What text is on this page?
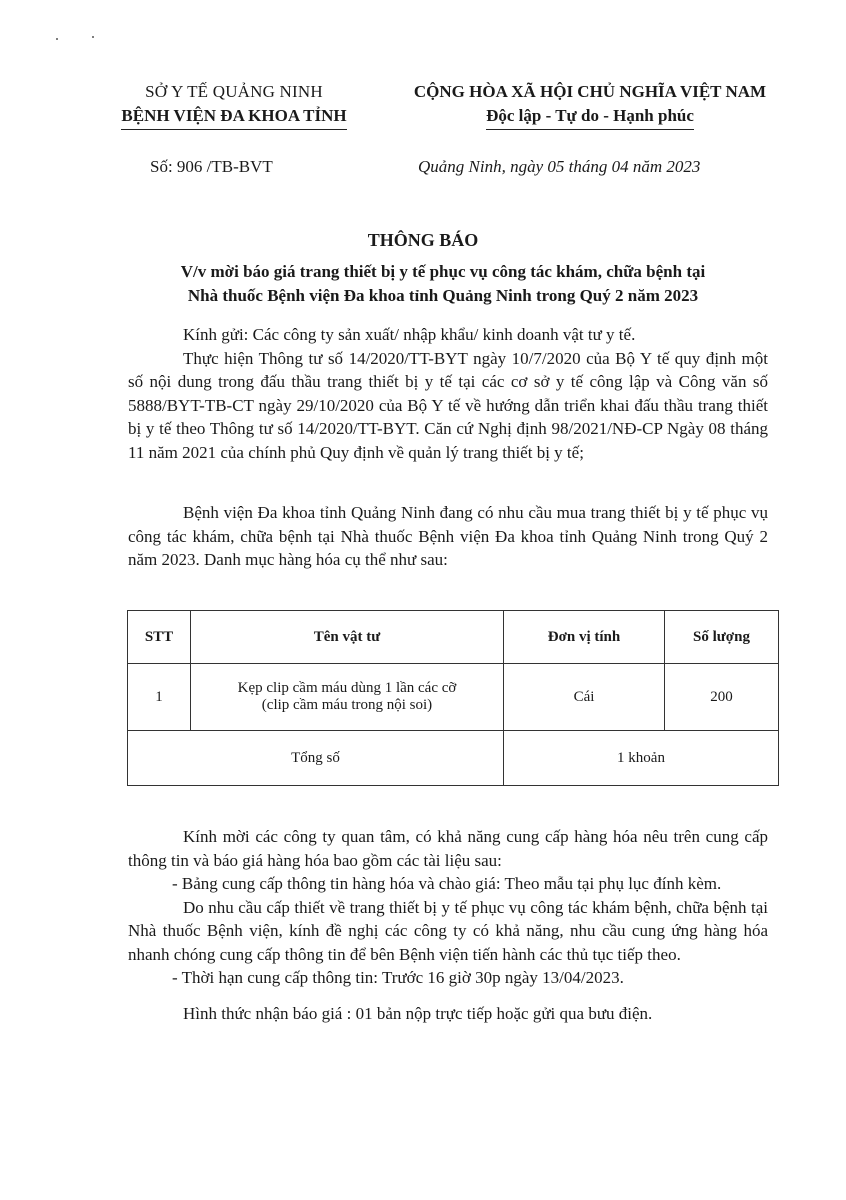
SỞ Y TẾ QUẢNG NINH
BỆNH VIỆN ĐA KHOA TỈNH
CỘNG HÒA XÃ HỘI CHỦ NGHĨA VIỆT NAM
Độc lập - Tự do - Hạnh phúc
Số: 906 /TB-BVT	Quảng Ninh, ngày 05 tháng 04 năm 2023
THÔNG BÁO
V/v mời báo giá trang thiết bị y tế phục vụ công tác khám, chữa bệnh tại
Nhà thuốc Bệnh viện Đa khoa tỉnh Quảng Ninh trong Quý 2 năm 2023

Kính gửi: Các công ty sản xuất/ nhập khẩu/ kinh doanh vật tư y tế.

Thực hiện Thông tư số 14/2020/TT-BYT ngày 10/7/2020 của Bộ Y tế quy định một số nội dung trong đấu thầu trang thiết bị y tế tại các cơ sở y tế công lập và Công văn số 5888/BYT-TB-CT ngày 29/10/2020 của Bộ Y tế về hướng dẫn triển khai đấu thầu trang thiết bị y tế theo Thông tư số 14/2020/TT-BYT. Căn cứ Nghị định 98/2021/NĐ-CP Ngày 08 tháng 11 năm 2021 của chính phủ Quy định về quản lý trang thiết bị y tế;

Bệnh viện Đa khoa tỉnh Quảng Ninh đang có nhu cầu mua trang thiết bị y tế phục vụ công tác khám, chữa bệnh tại Nhà thuốc Bệnh viện Đa khoa tỉnh Quảng Ninh trong Quý 2 năm 2023. Danh mục hàng hóa cụ thể như sau:

STT	Tên vật tư	Đơn vị tính	Số lượng
1	Kẹp clip cầm máu dùng 1 lần các cỡ
(clip cầm máu trong nội soi)	Cái	200
Tổng số		1 khoản	

Kính mời các công ty quan tâm, có khả năng cung cấp hàng hóa nêu trên cung cấp thông tin và báo giá hàng hóa bao gồm các tài liệu sau:

- Bảng cung cấp thông tin hàng hóa và chào giá: Theo mẫu tại phụ lục đính kèm.

Do nhu cầu cấp thiết về trang thiết bị y tế phục vụ công tác khám bệnh, chữa bệnh tại Nhà thuốc Bệnh viện, kính đề nghị các công ty có khả năng, nhu cầu cung ứng hàng hóa nhanh chóng cung cấp thông tin để bên Bệnh viện tiến hành các thủ tục tiếp theo.

- Thời hạn cung cấp thông tin: Trước 16 giờ 30p ngày 13/04/2023.

Hình thức nhận báo giá : 01 bản nộp trực tiếp hoặc gửi qua bưu điện.
